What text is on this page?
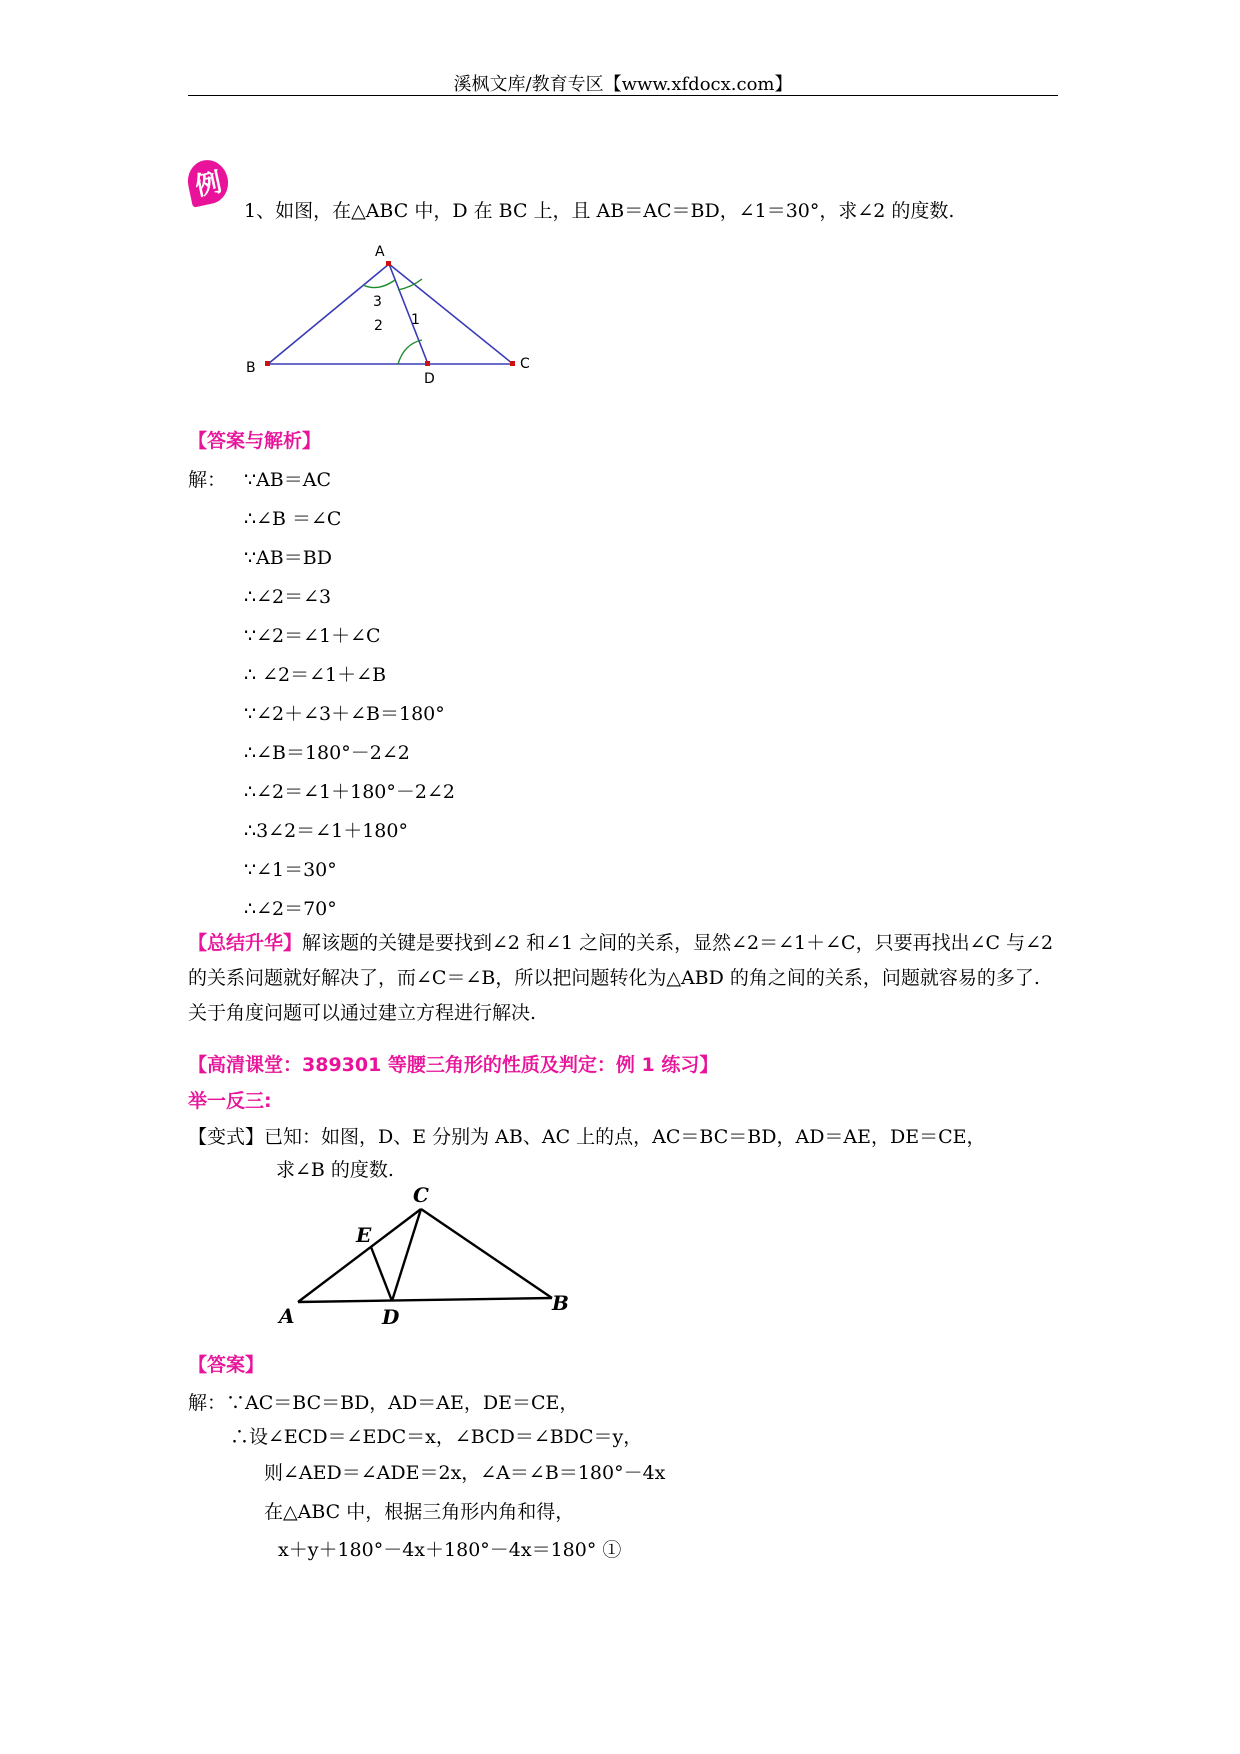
溪枫文库/教育专区【www.xfdocx.com】
例
1、如图，在△ABC 中，D 在 BC 上，且 AB＝AC＝BD，∠1＝30°，求∠2 的度数.
A
B	C
D
3
2 1
【答案与解析】
解： ∵AB＝AC
∴∠B ＝∠C
∵AB＝BD
∴∠2＝∠3
∵∠2＝∠1＋∠C
∴ ∠2＝∠1＋∠B
∵∠2＋∠3＋∠B＝180°
∴∠B＝180°－2∠2
∴∠2＝∠1＋180°－2∠2
∴3∠2＝∠1＋180°
∵∠1＝30°
∴∠2＝70°
【总结升华】解该题的关键是要找到∠2 和∠1 之间的关系，显然∠2＝∠1＋∠C，只要再找出∠C 与∠2 的关系问题就好解决了，而∠C＝∠B，所以把问题转化为△ABD 的角之间的关系，问题就容易的多了.关于角度问题可以通过建立方程进行解决.
【高清课堂：389301 等腰三角形的性质及判定：例 1 练习】
举一反三:
【变式】已知：如图，D、E 分别为 AB、AC 上的点，AC＝BC＝BD，AD＝AE，DE＝CE，
求∠B 的度数.
A
B
C
D
E
【答案】
解：∵AC＝BC＝BD，AD＝AE，DE＝CE，
∴设∠ECD＝∠EDC＝x，∠BCD＝∠BDC＝y，
则∠AED＝∠ADE＝2x，∠A＝∠B＝180°－4x
在△ABC 中，根据三角形内角和得，
x＋y＋180°－4x＋180°－4x＝180° ①
